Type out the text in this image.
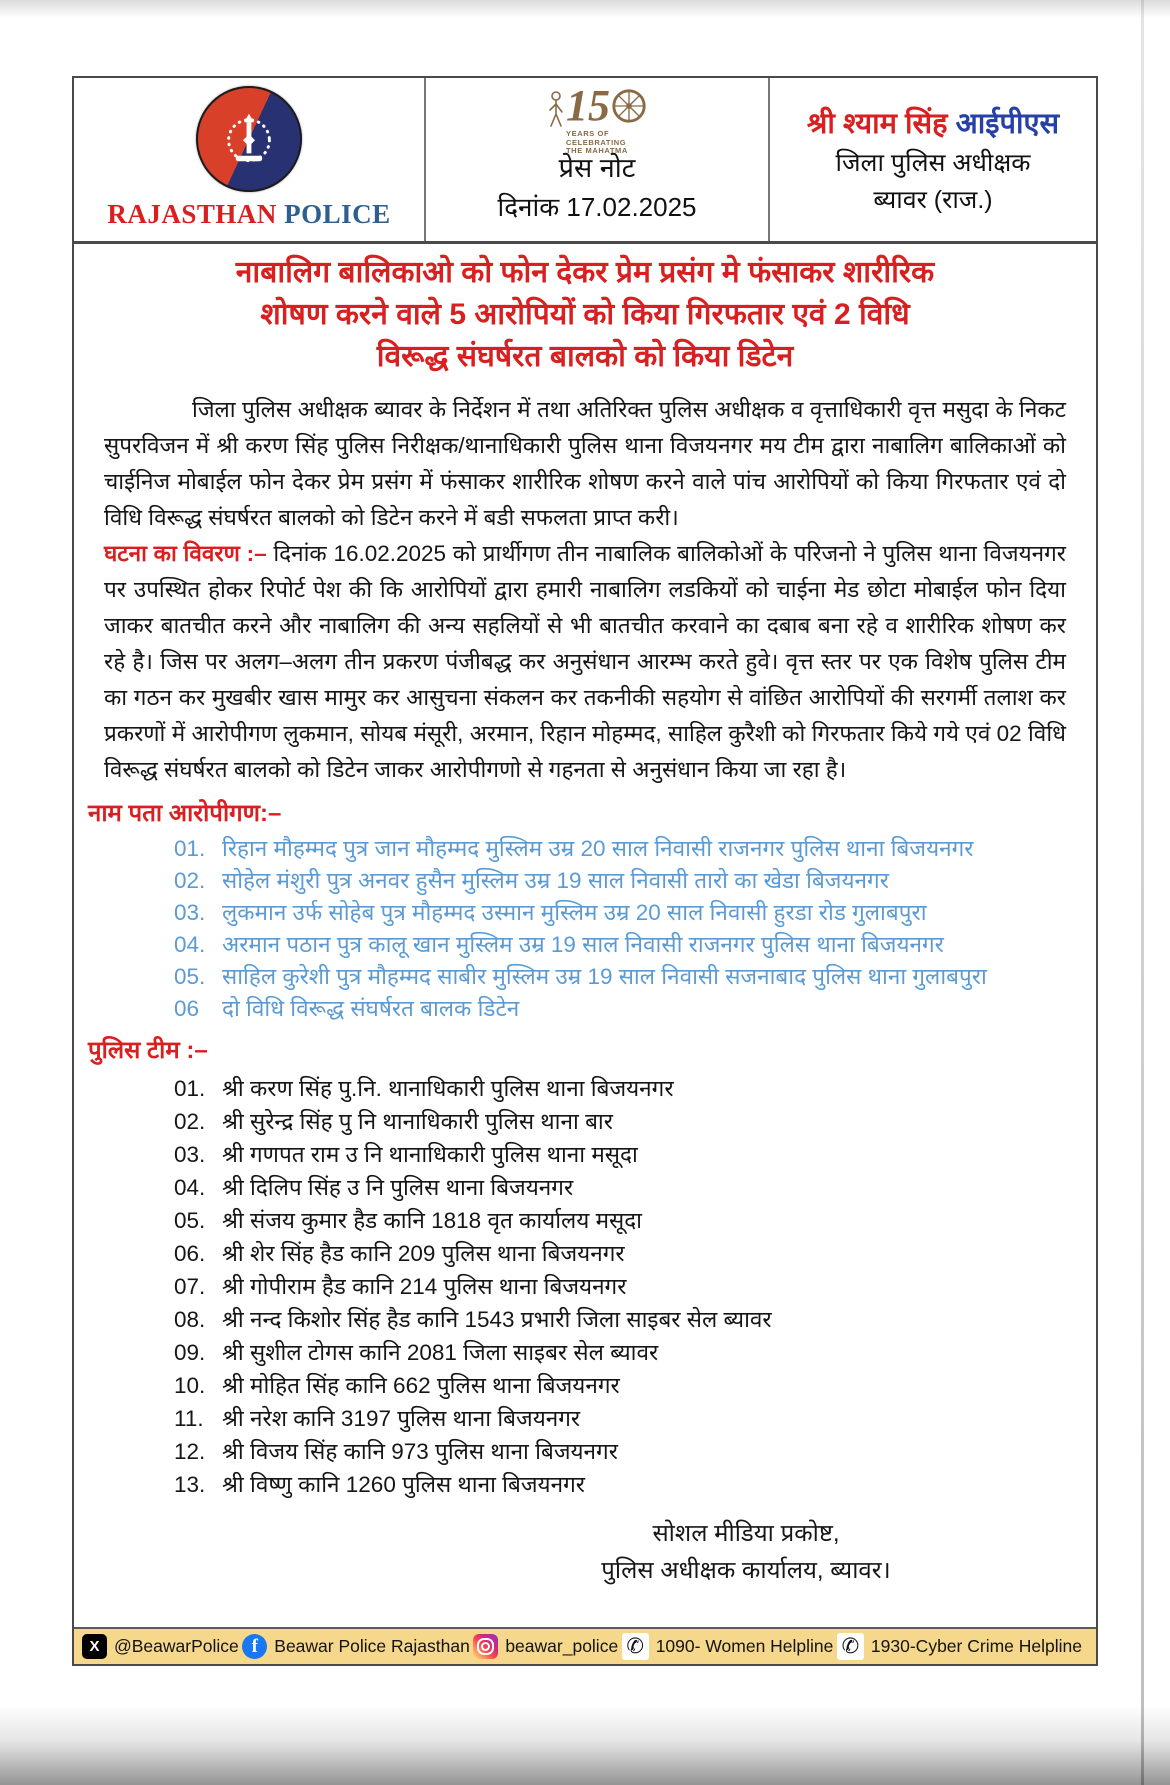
RAJASTHAN POLICE
15
YEARS OF
CELEBRATING
THE MAHATMA
प्रेस नोट
दिनांक 17.02.2025
श्री श्याम सिंह आईपीएस
जिला पुलिस अधीक्षक
ब्यावर (राज.)
नाबालिग बालिकाओ को फोन देकर प्रेम प्रसंग मे फंसाकर शारीरिक
शोषण करने वाले 5 आरोपियों को किया गिरफतार एवं 2 विधि
विरूद्ध संघर्षरत बालको को किया डिटेन
जिला पुलिस अधीक्षक ब्यावर के निर्देशन में तथा अतिरिक्त पुलिस अधीक्षक व वृत्ताधिकारी वृत्त मसुदा के निकट सुपरविजन में श्री करण सिंह पुलिस निरीक्षक/थानाधिकारी पुलिस थाना विजयनगर मय टीम द्वारा नाबालिग बालिकाओं को चाईनिज मोबाईल फोन देकर प्रेम प्रसंग में फंसाकर शारीरिक शोषण करने वाले पांच आरोपियों को किया गिरफतार एवं दो विधि विरूद्ध संघर्षरत बालको को डिटेन करने में बडी सफलता प्राप्त करी।
घटना का विवरण :– दिनांक 16.02.2025 को प्रार्थीगण तीन नाबालिक बालिकोओं के परिजनो ने पुलिस थाना विजयनगर पर उपस्थित होकर रिपोर्ट पेश की कि आरोपियों द्वारा हमारी नाबालिग लडकियों को चाईना मेड छोटा मोबाईल फोन दिया जाकर बातचीत करने और नाबालिग की अन्य सहलियों से भी बातचीत करवाने का दबाब बना रहे व शारीरिक शोषण कर रहे है। जिस पर अलग–अलग तीन प्रकरण पंजीबद्ध कर अनुसंधान आरम्भ करते हुवे। वृत्त स्तर पर एक विशेष पुलिस टीम का गठन कर मुखबीर खास मामुर कर आसुचना संकलन कर तकनीकी सहयोग से वांछित आरोपियों की सरगर्मी तलाश कर प्रकरणों में आरोपीगण लुकमान, सोयब मंसूरी, अरमान, रिहान मोहम्मद, साहिल कुरैशी को गिरफतार किये गये एवं 02 विधि विरूद्ध संघर्षरत बालको को डिटेन जाकर आरोपीगणो से गहनता से अनुसंधान किया जा रहा है।
नाम पता आरोपीगण:–
01. रिहान मौहम्मद पुत्र जान मौहम्मद मुस्लिम उम्र 20 साल निवासी राजनगर पुलिस थाना बिजयनगर
02. सोहेल मंशुरी पुत्र अनवर हुसैन मुस्लिम उम्र 19 साल निवासी तारो का खेडा बिजयनगर
03. लुकमान उर्फ सोहेब पुत्र मौहम्मद उस्मान मुस्लिम उम्र 20 साल निवासी हुरडा रोड गुलाबपुरा
04. अरमान पठान पुत्र कालू खान मुस्लिम उम्र 19 साल निवासी राजनगर पुलिस थाना बिजयनगर
05. साहिल कुरेशी पुत्र मौहम्मद साबीर मुस्लिम उम्र 19 साल निवासी सजनाबाद पुलिस थाना गुलाबपुरा
06	दो विधि विरूद्ध संघर्षरत बालक डिटेन
पुलिस टीम :–
01. श्री करण सिंह पु.नि. थानाधिकारी पुलिस थाना बिजयनगर
02. श्री सुरेन्द्र सिंह पु नि थानाधिकारी पुलिस थाना बार
03. श्री गणपत राम उ नि थानाधिकारी पुलिस थाना मसूदा
04. श्री दिलिप सिंह उ नि पुलिस थाना बिजयनगर
05. श्री संजय कुमार हैड कानि 1818 वृत कार्यालय मसूदा
06. श्री शेर सिंह हैड कानि 209 पुलिस थाना बिजयनगर
07. श्री गोपीराम हैड कानि 214 पुलिस थाना बिजयनगर
08. श्री नन्द किशोर सिंह हैड कानि 1543 प्रभारी जिला साइबर सेल ब्यावर
09. श्री सुशील टोगस कानि 2081 जिला साइबर सेल ब्यावर
10. श्री मोहित सिंह कानि 662 पुलिस थाना बिजयनगर
11. श्री नरेश कानि 3197 पुलिस थाना बिजयनगर
12. श्री विजय सिंह कानि 973 पुलिस थाना बिजयनगर
13. श्री विष्णु कानि 1260 पुलिस थाना बिजयनगर
सोशल मीडिया प्रकोष्ट,
पुलिस अधीक्षक कार्यालय, ब्यावर।
X @BeawarPolice f Beawar Police Rajasthan beawar_police ✆ 1090- Women Helpline ✆ 1930-Cyber Crime Helpline
